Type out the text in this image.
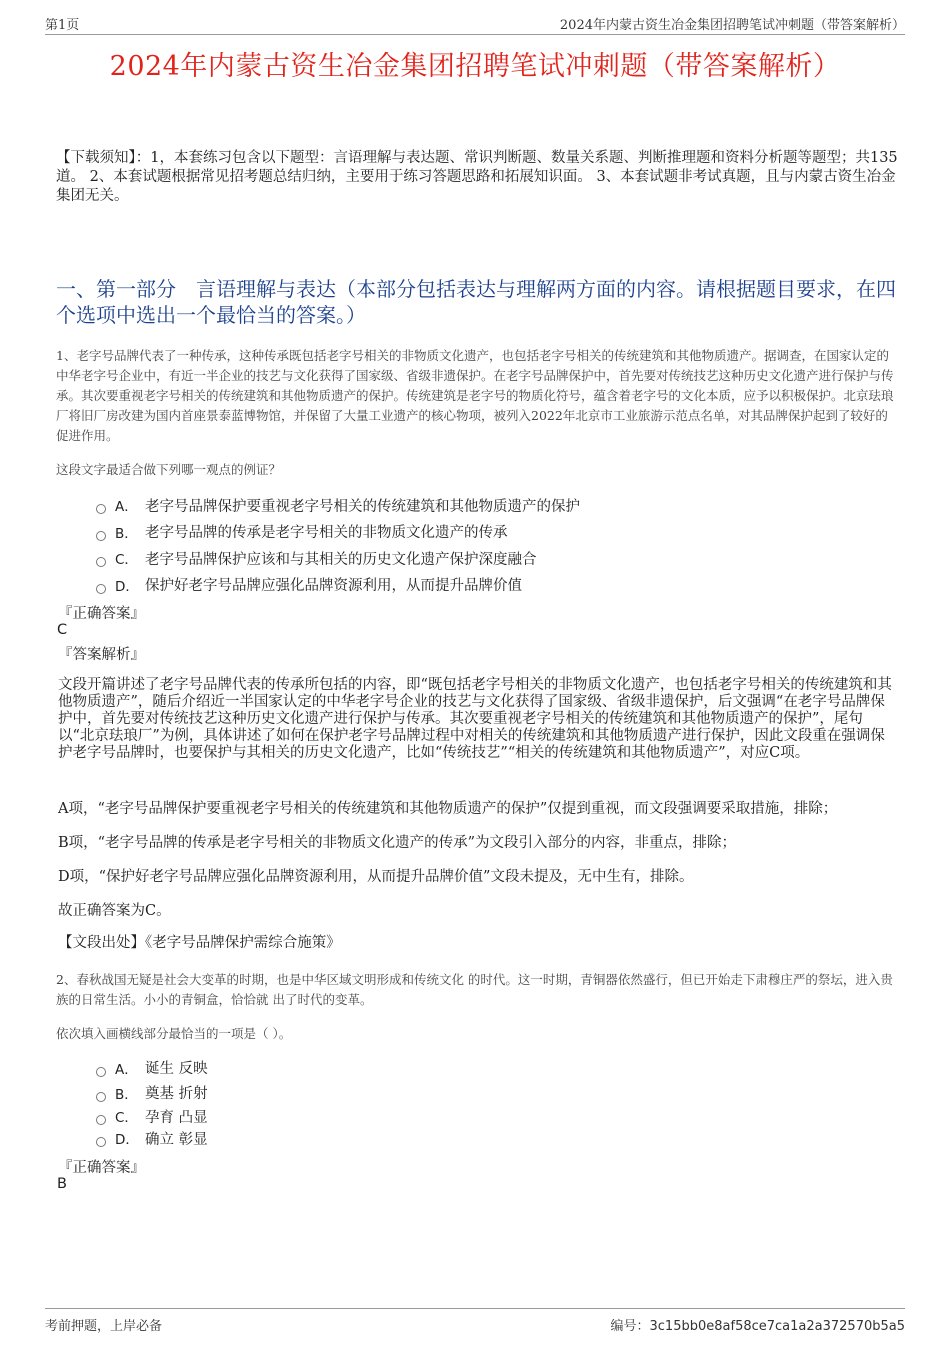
第1页	2024年内蒙古资生冶金集团招聘笔试冲刺题（带答案解析）
2024年内蒙古资生冶金集团招聘笔试冲刺题（带答案解析）
【下载须知】：1，本套练习包含以下题型：言语理解与表达题、常识判断题、数量关系题、判断推理题和资料分析题等题型；共135道。 2、本套试题根据常见招考题总结归纳，主要用于练习答题思路和拓展知识面。 3、本套试题非考试真题，且与内蒙古资生冶金集团无关。
一、第一部分　言语理解与表达（本部分包括表达与理解两方面的内容。请根据题目要求，在四个选项中选出一个最恰当的答案。）
1、老字号品牌代表了一种传承，这种传承既包括老字号相关的非物质文化遗产，也包括老字号相关的传统建筑和其他物质遗产。据调查，在国家认定的中华老字号企业中，有近一半企业的技艺与文化获得了国家级、省级非遗保护。在老字号品牌保护中，首先要对传统技艺这种历史文化遗产进行保护与传承。其次要重视老字号相关的传统建筑和其他物质遗产的保护。传统建筑是老字号的物质化符号，蕴含着老字号的文化本质，应予以积极保护。北京珐琅厂将旧厂房改建为国内首座景泰蓝博物馆，并保留了大量工业遗产的核心物项，被列入2022年北京市工业旅游示范点名单，对其品牌保护起到了较好的促进作用。
这段文字最适合做下列哪一观点的例证？
A． 老字号品牌保护要重视老字号相关的传统建筑和其他物质遗产的保护
B． 老字号品牌的传承是老字号相关的非物质文化遗产的传承
C． 老字号品牌保护应该和与其相关的历史文化遗产保护深度融合
D． 保护好老字号品牌应强化品牌资源利用，从而提升品牌价值
『正确答案』
C
『答案解析』
文段开篇讲述了老字号品牌代表的传承所包括的内容，即“既包括老字号相关的非物质文化遗产，也包括老字号相关的传统建筑和其他物质遗产”，随后介绍近一半国家认定的中华老字号企业的技艺与文化获得了国家级、省级非遗保护，后文强调“在老字号品牌保护中，首先要对传统技艺这种历史文化遗产进行保护与传承。其次要重视老字号相关的传统建筑和其他物质遗产的保护”，尾句以“北京珐琅厂”为例，具体讲述了如何在保护老字号品牌过程中对相关的传统建筑和其他物质遗产进行保护，因此文段重在强调保护老字号品牌时，也要保护与其相关的历史文化遗产，比如“传统技艺”“相关的传统建筑和其他物质遗产”，对应C项。
A项，“老字号品牌保护要重视老字号相关的传统建筑和其他物质遗产的保护”仅提到重视，而文段强调要采取措施，排除；
B项，“老字号品牌的传承是老字号相关的非物质文化遗产的传承”为文段引入部分的内容，非重点，排除；
D项，“保护好老字号品牌应强化品牌资源利用，从而提升品牌价值”文段未提及，无中生有，排除。
故正确答案为C。
【文段出处】《老字号品牌保护需综合施策》
2、春秋战国无疑是社会大变革的时期，也是中华区域文明形成和传统文化 的时代。这一时期，青铜器依然盛行，但已开始走下肃穆庄严的祭坛，进入贵族的日常生活。小小的青铜盒，恰恰就 出了时代的变革。
依次填入画横线部分最恰当的一项是（ ）。
A． 诞生 反映
B． 奠基 折射
C． 孕育 凸显
D． 确立 彰显
『正确答案』
B
考前押题，上岸必备	编号：3c15bb0e8af58ce7ca1a2a372570b5a5
